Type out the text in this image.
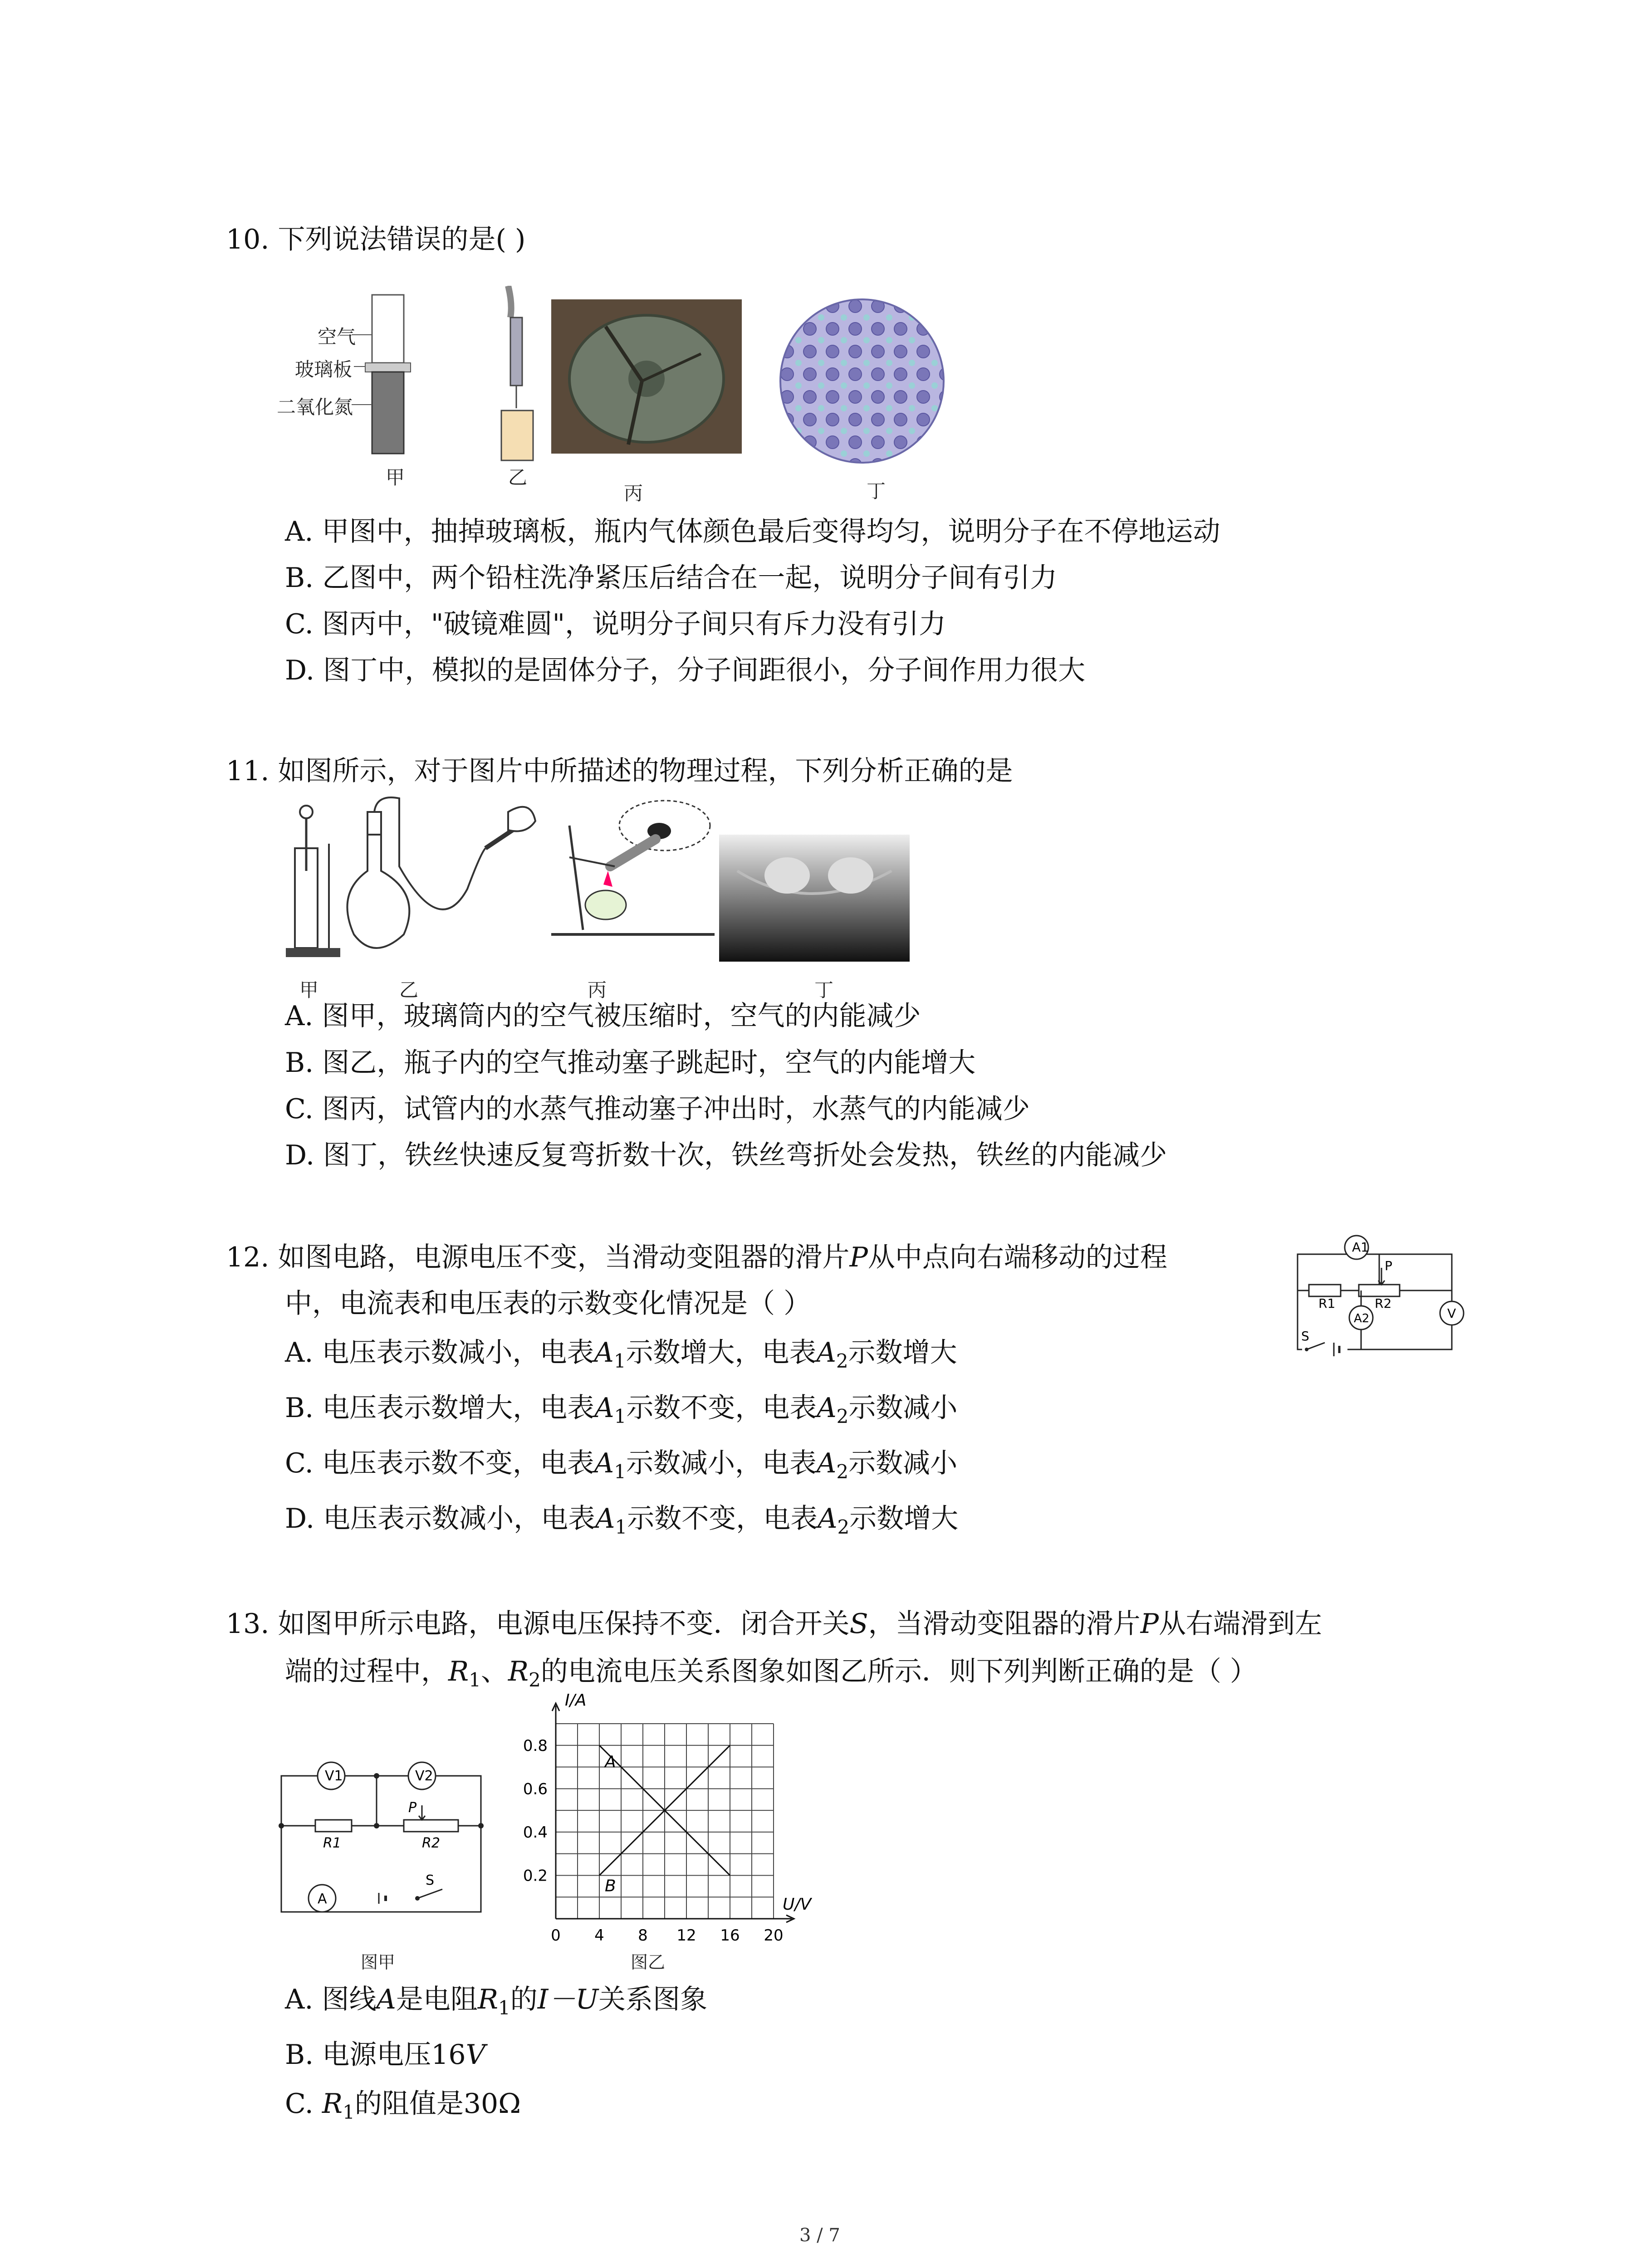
10. 下列说法错误的是( )
空气
玻璃板
二氧化氮
甲	乙
丙	丁
A. 甲图中，抽掉玻璃板，瓶内气体颜色最后变得均匀，说明分子在不停地运动
B. 乙图中，两个铅柱洗净紧压后结合在一起，说明分子间有引力
C. 图丙中，"破镜难圆"，说明分子间只有斥力没有引力
D. 图丁中，模拟的是固体分子，分子间距很小，分子间作用力很大
11. 如图所示，对于图片中所描述的物理过程，下列分析正确的是
甲	乙	丙	丁
A. 图甲，玻璃筒内的空气被压缩时，空气的内能减少
B. 图乙，瓶子内的空气推动塞子跳起时，空气的内能增大
C. 图丙，试管内的水蒸气推动塞子冲出时，水蒸气的内能减少
D. 图丁，铁丝快速反复弯折数十次，铁丝弯折处会发热，铁丝的内能减少
12. 如图电路，电源电压不变，当滑动变阻器的滑片P从中点向右端移动的过程
中，电流表和电压表的示数变化情况是（ ）
A1
A2
R1	R2
P
V
S
A. 电压表示数减小，电表$A_1$示数增大，电表$A_2$示数增大
B. 电压表示数增大，电表$A_1$示数不变，电表$A_2$示数减小
C. 电压表示数不变，电表$A_1$示数减小，电表$A_2$示数减小
D. 电压表示数减小，电表$A_1$示数不变，电表$A_2$示数增大
13. 如图甲所示电路，电源电压保持不变．闭合开关S，当滑动变阻器的滑片P从右端滑到左
端的过程中，$R_1$、$R_2$的电流电压关系图象如图乙所示．则下列判断正确的是（ ）
V1	V2
R1	R2
P
A
S
图甲
0 4 8 12 16 20
0.2
0.4
0.6
0.8
I/A
U/V
A
B
图乙
A. 图线A是电阻$R_1$的I－U关系图象
B. 电源电压16V
C. $R_1$的阻值是30Ω
3 / 7
